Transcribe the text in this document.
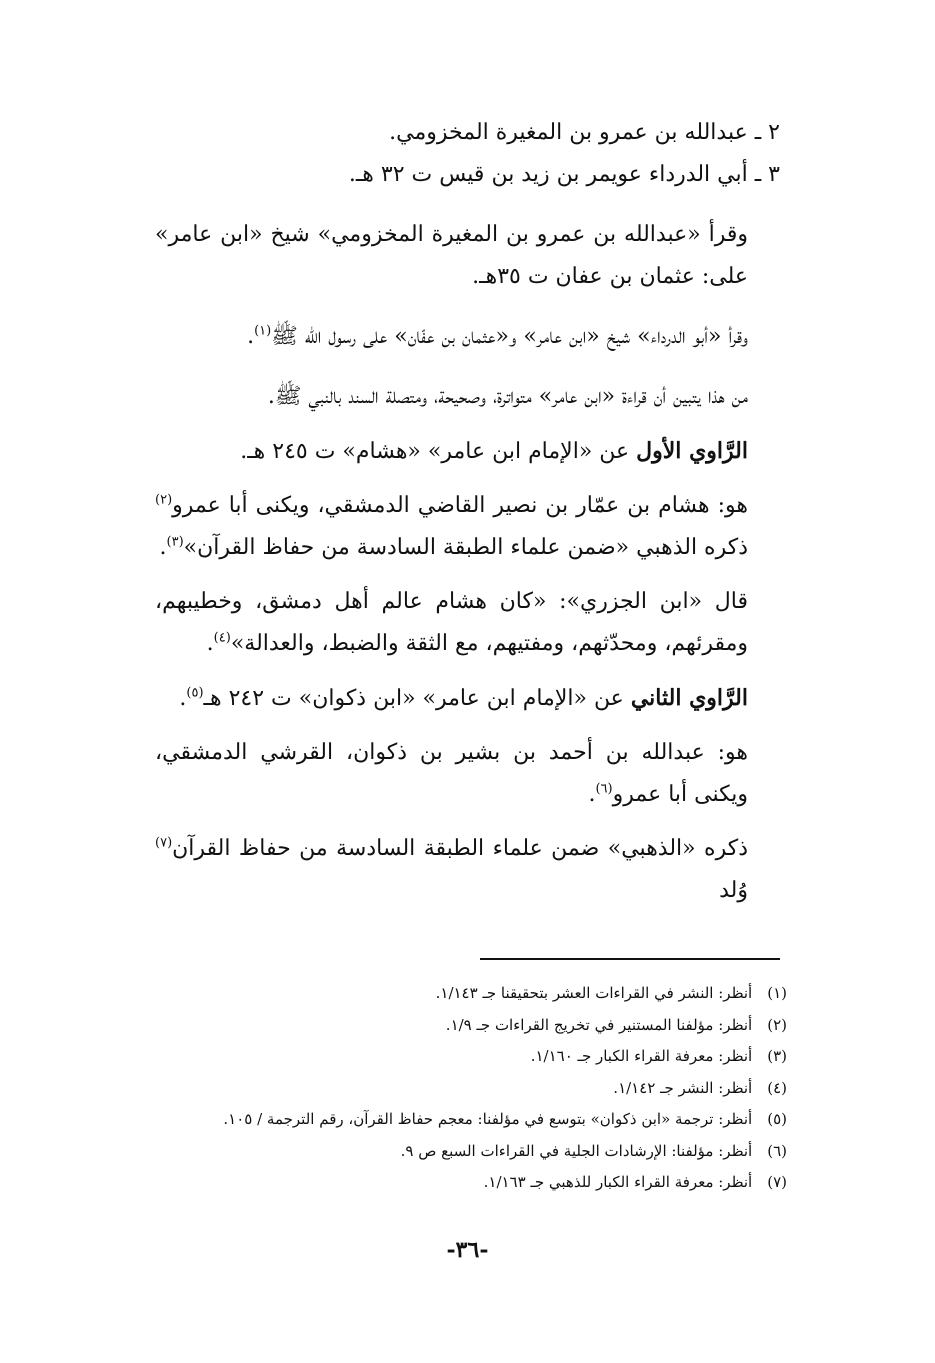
٢ ـ عبدالله بن عمرو بن المغيرة المخزومي.
٣ ـ أبي الدرداء عويمر بن زيد بن قيس ت ٣٢ هـ.

وقرأ «عبدالله بن عمرو بن المغيرة المخزومي» شيخ «ابن عامر» على: عثمان بن عفان ت ٣٥هـ.

وقرأ «أبو الدرداء» شيخ «ابن عامر» و«عثمان بن عفّان» على رسول الله ﷺ$^{(١)}$.

من هذا يتبين أن قراءة «ابن عامر» متواترة، وصحيحة، ومتصلة السند بالنبي ﷺ.

الرَّاوي الأول عن «الإمام ابن عامر» «هشام» ت ٢٤٥ هـ.

هو: هشام بن عمّار بن نصير القاضي الدمشقي، ويكنى أبا عمرو$^{(٢)}$ ذكره الذهبي «ضمن علماء الطبقة السادسة من حفاظ القرآن»$^{(٣)}$.

قال «ابن الجزري»: «كان هشام عالم أهل دمشق، وخطيبهم، ومقرئهم، ومحدّثهم، ومفتيهم، مع الثقة والضبط، والعدالة»$^{(٤)}$.

الرَّاوي الثاني عن «الإمام ابن عامر» «ابن ذكوان» ت ٢٤٢ هـ$^{(٥)}$.

هو: عبدالله بن أحمد بن بشير بن ذكوان، القرشي الدمشقي، ويكنى أبا عمرو$^{(٦)}$.

ذكره «الذهبي» ضمن علماء الطبقة السادسة من حفاظ القرآن$^{(٧)}$ وُلد

(١) أنظر: النشر في القراءات العشر بتحقيقنا جـ ١/١٤٣.
(٢) أنظر: مؤلفنا المستنير في تخريج القراءات جـ ١/٩.
(٣) أنظر: معرفة القراء الكبار جـ ١/١٦٠.
(٤) أنظر: النشر جـ ١/١٤٢.
(٥) أنظر: ترجمة «ابن ذكوان» بتوسع في مؤلفنا: معجم حفاظ القرآن، رقم الترجمة / ١٠٥.
(٦) أنظر: مؤلفنا: الإرشادات الجلية في القراءات السبع ص ٩.
(٧) أنظر: معرفة القراء الكبار للذهبي جـ ١/١٦٣.
-٣٦-
